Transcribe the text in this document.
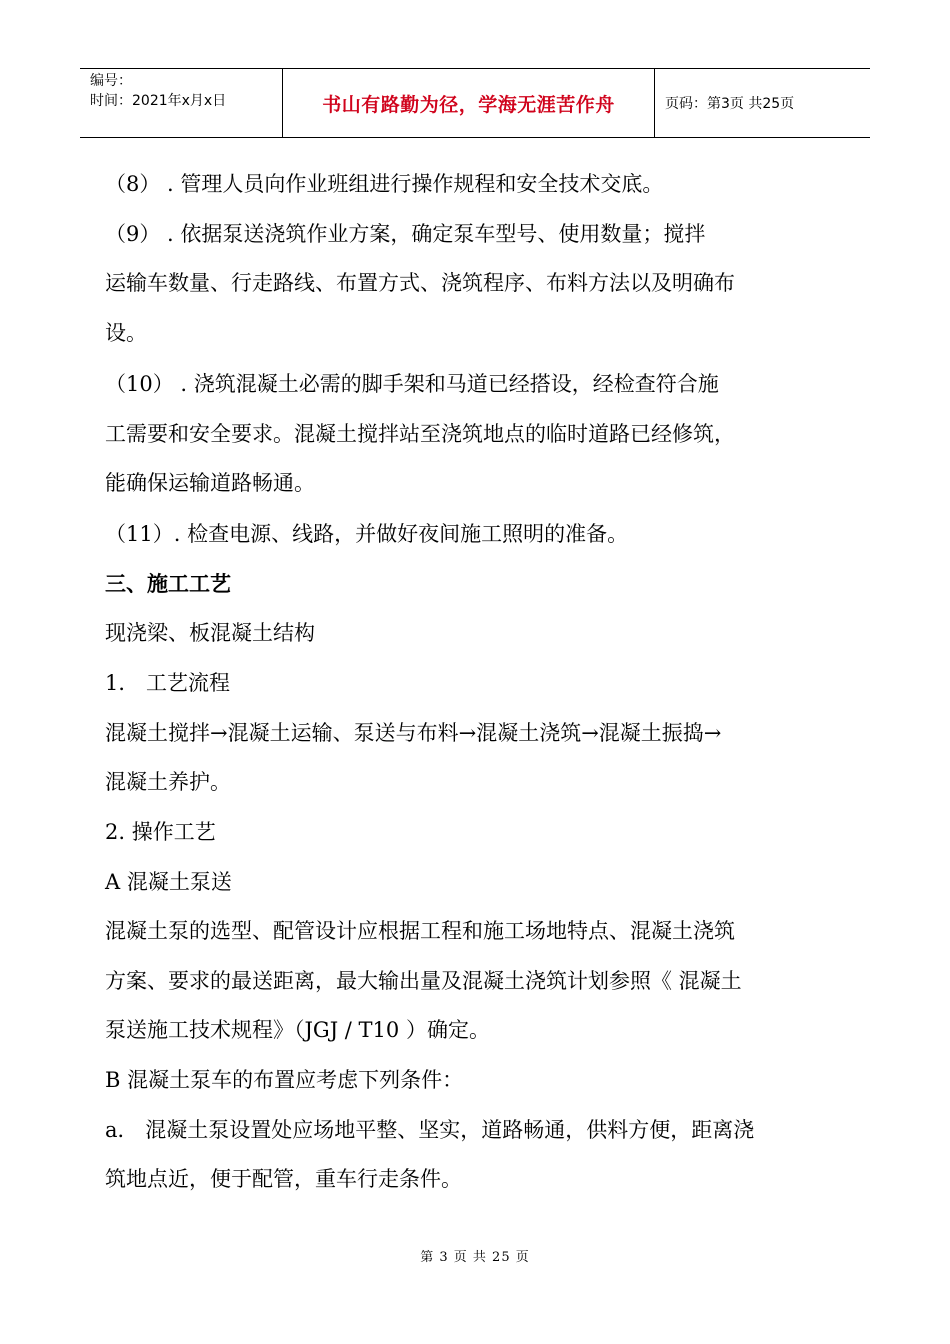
编号：
时间：2021年x月x日	书山有路勤为径，学海无涯苦作舟	页码：第3页 共25页
（8） . 管理人员向作业班组进行操作规程和安全技术交底。
（9） . 依据泵送浇筑作业方案，确定泵车型号、使用数量；搅拌
运输车数量、行走路线、布置方式、浇筑程序、布料方法以及明确布
设。
（10） . 浇筑混凝土必需的脚手架和马道已经搭设，经检查符合施
工需要和安全要求。混凝土搅拌站至浇筑地点的临时道路已经修筑，
能确保运输道路畅通。
（11）. 检查电源、线路，并做好夜间施工照明的准备。
三、施工工艺
现浇梁、板混凝土结构
1． 工艺流程
混凝土搅拌→混凝土运输、泵送与布料→混凝土浇筑→混凝土振捣→
混凝土养护。
2. 操作工艺
A 混凝土泵送
混凝土泵的选型、配管设计应根据工程和施工场地特点、混凝土浇筑
方案、要求的最送距离，最大输出量及混凝土浇筑计划参照《 混凝土
泵送施工技术规程》（JGJ / T10 ）确定。
B 混凝土泵车的布置应考虑下列条件：
a． 混凝土泵设置处应场地平整、坚实，道路畅通，供料方便，距离浇
筑地点近，便于配管，重车行走条件。
第 3 页 共 25 页
